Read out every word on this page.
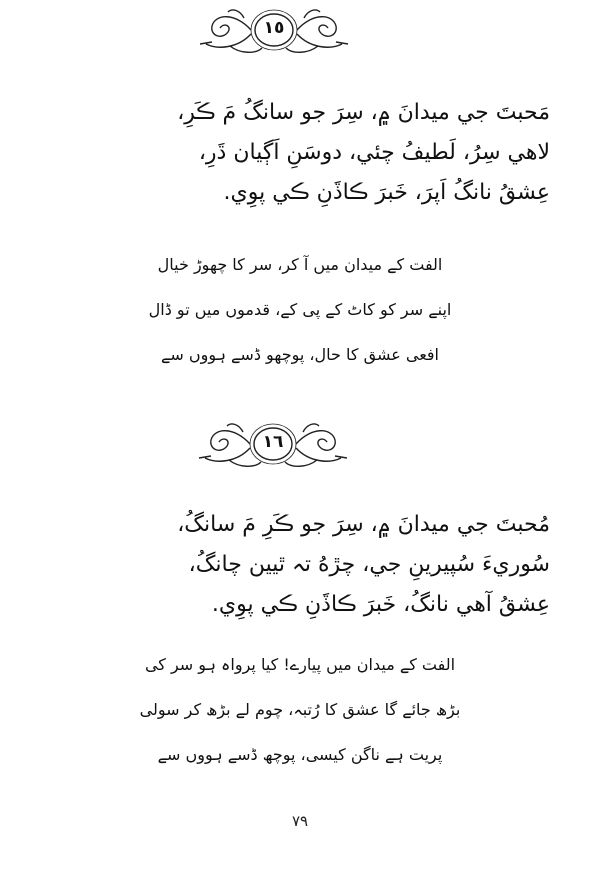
١٥
مَحبتَ جي ميدانَ ۾، سِرَ جو سانگُ مَ ڪَرِ،
لاهي سِرُ، لَطيفُ چئي، دوسَنِ اَڳيان ڌَرِ،
عِشقُ نانگُ اَپرَ، خَبرَ ڪاڏَنِ ڪي پوِي.
الفت کے میدان میں آ کر، سر کا چھوڑ خیال
اپنے سر کو کاٹ کے پی کے، قدموں میں تو ڈال
افعی عشق کا حال، پوچھو ڈسے ہووں سے
١٦
مُحبتَ جي ميدانَ ۾، سِرَ جو ڪَرِ مَ سانگُ،
سُوريءَ سُپيرينِ جي، چڙهُ تہ ٿيين چانگُ،
عِشقُ آهي نانگُ، خَبرَ ڪاڏَنِ ڪي پوِي.
الفت کے میدان میں پیارے! کیا پرواہ ہو سر کی
بڑھ جائے گا عشق کا رُتبہ، چوم لے بڑھ کر سولی
پریت ہے ناگن کیسی، پوچھ ڈسے ہووں سے
٧٩
